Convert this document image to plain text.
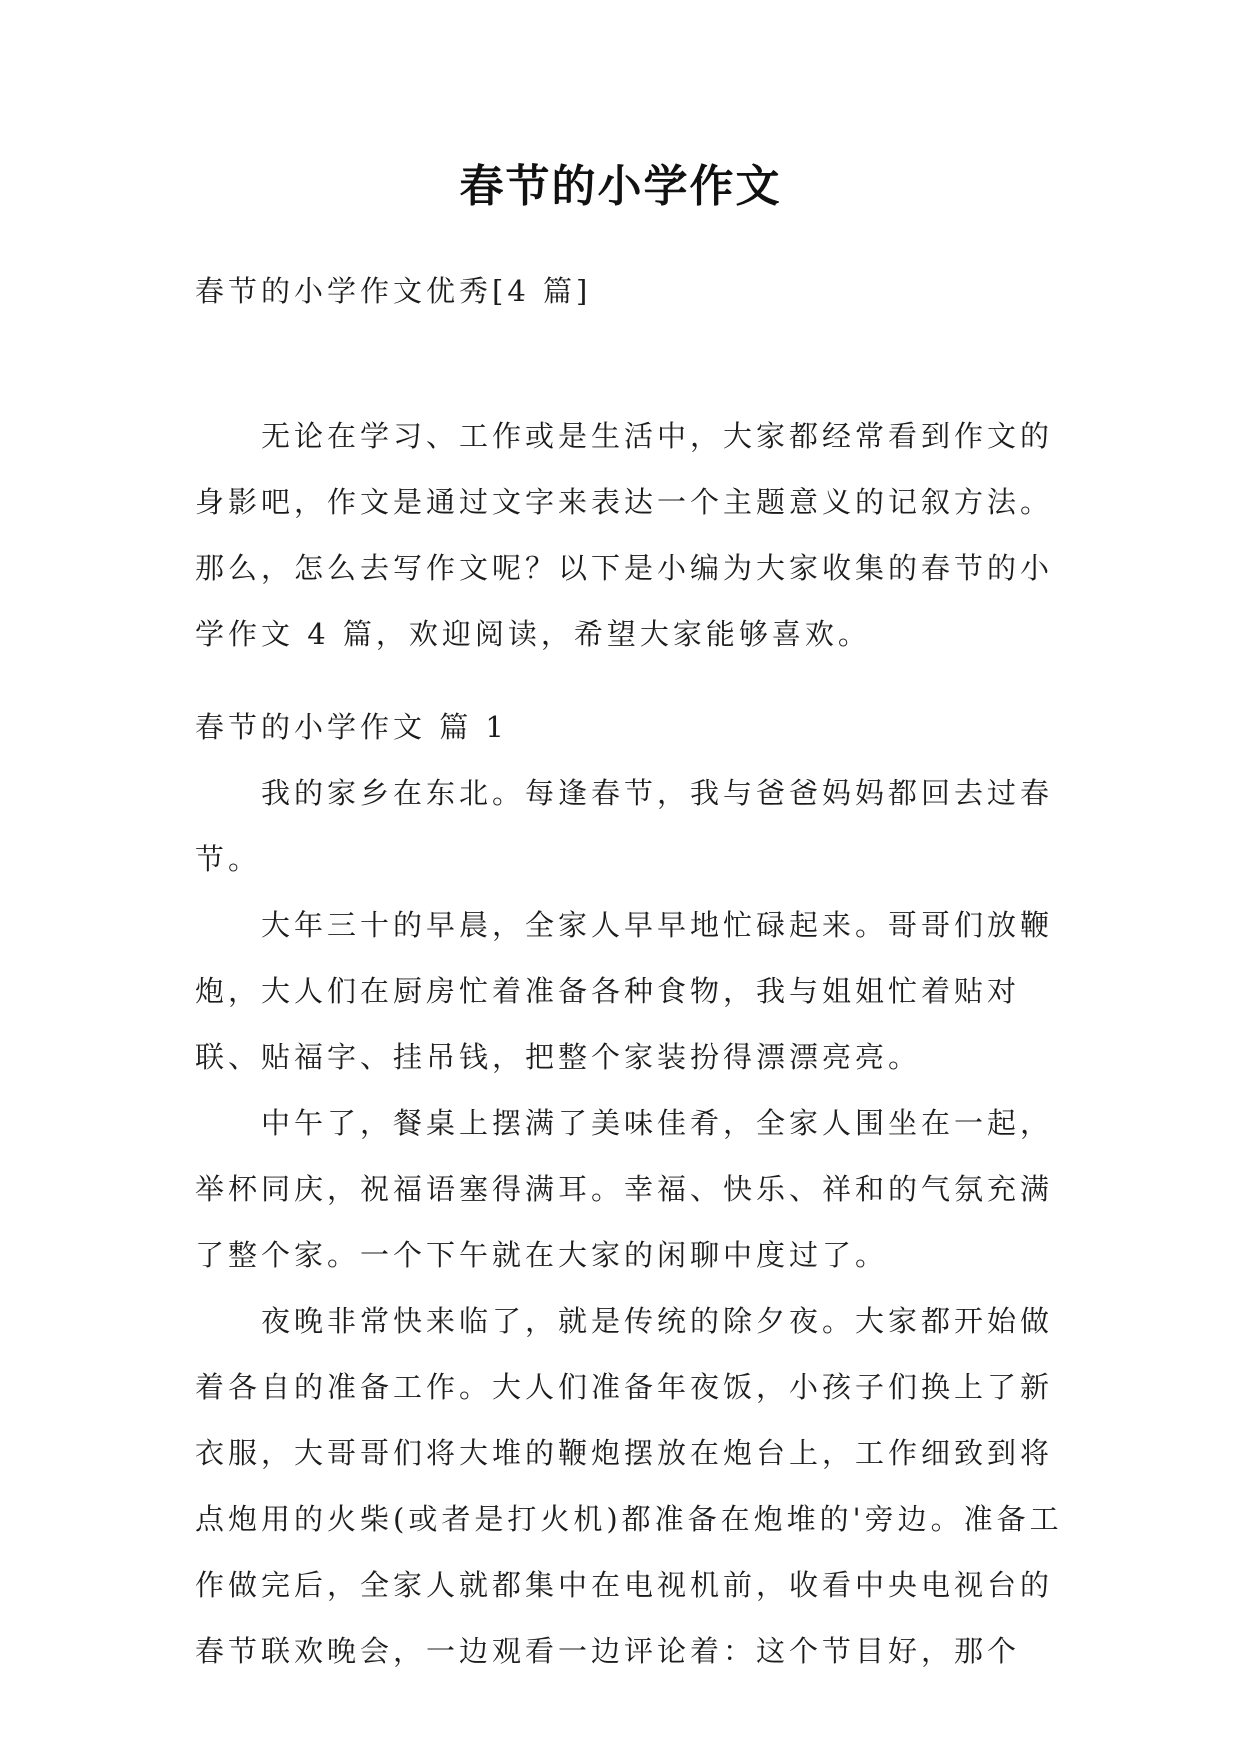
春节的小学作文
春节的小学作文优秀[4 篇]

无论在学习、工作或是生活中，大家都经常看到作文的身影吧，作文是通过文字来表达一个主题意义的记叙方法。那么，怎么去写作文呢？以下是小编为大家收集的春节的小学作文 4 篇，欢迎阅读，希望大家能够喜欢。

春节的小学作文 篇 1

我的家乡在东北。每逢春节，我与爸爸妈妈都回去过春节。

大年三十的早晨，全家人早早地忙碌起来。哥哥们放鞭炮，大人们在厨房忙着准备各种食物，我与姐姐忙着贴对联、贴福字、挂吊钱，把整个家装扮得漂漂亮亮。

中午了，餐桌上摆满了美味佳肴，全家人围坐在一起，举杯同庆，祝福语塞得满耳。幸福、快乐、祥和的气氛充满了整个家。一个下午就在大家的闲聊中度过了。

夜晚非常快来临了，就是传统的除夕夜。大家都开始做着各自的准备工作。大人们准备年夜饭，小孩子们换上了新衣服，大哥哥们将大堆的鞭炮摆放在炮台上，工作细致到将点炮用的火柴(或者是打火机)都准备在炮堆的'旁边。准备工作做完后，全家人就都集中在电视机前，收看中央电视台的春节联欢晚会，一边观看一边评论着：这个节目好，那个
